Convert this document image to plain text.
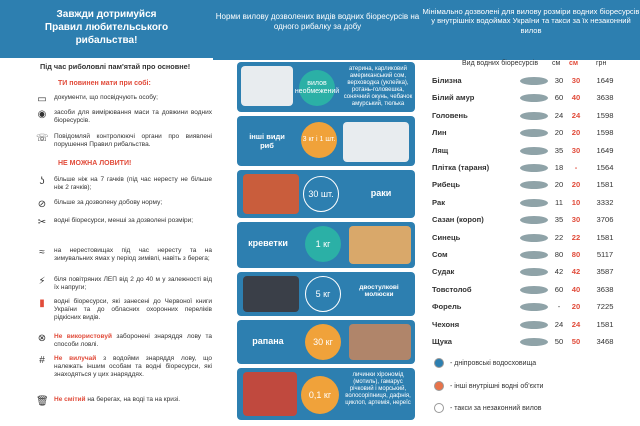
Завжди дотримуйся
Правил любительського
рибальства!
Під час риболовлі пам'ятай про основне!
ТИ повинен мати при собі:
▭ документи, що посвідчують особу;
◉ засоби для вимірювання маси та довжини водних біоресурсів.
☏ Повідомляй контролюючі органи про виявлені порушення Правил рибальства.
НЕ МОЖНА ЛОВИТИ!
ʖ	більше ніж на 7 гачків (під час нересту не більше ніж 2 гачків);
⊘ більше за дозволену добову норму;
✂ водні біоресурси, менші за дозволені розміри;
≈	на нерестовищах під час нересту та на зимувальних ямах у період зимівлі, навіть з берега;
⚡	біля повітряних ЛЕП від 2 до 40 м у залежності від їх напруги;
▮	водні біоресурси, які занесені до Червоної книги України та до обласних охоронних переліків рідкісних видів.
⊗ Не використовуй заборонені знаряддя лову та способи ловлі.
#	Не вилучай з водойми знаряддя лову, що належать іншим особам та водні біоресурси, які знаходяться у цих знаряддях.
🗑 Не смітий на берегах, на воді та на кризі.
Норми вилову дозволених видів водних біоресурсів на одного рибалку за добу
вилов необмежений
атерина, карликовий американський сом, верховодка (уклейка), ротань-головешка, сонячний окунь, чебачок амурський, тюлька
інші види риб
3 кг і 1 шт.
30 шт.	раки
креветки	1 кг
5 кг
двостулкові молюски
рапана	30 кг
0,1 кг
личинки хірономід (мотиль), гамарус річковий і морський, волосоріпниця, дафнія, циклоп, артемія, нереїс
Мінімально дозволені для вилову розміри водних біоресурсів у внутрішніх водоймах України та такси за їх незаконний вилов
Вид водних біоресурсів см см	грн
Білизна	30	30	1649
Білий амур	60	40	3638
Головень	24	24	1598
Лин	20	20	1598
Лящ	35	30	1649
Плітка (тараня)	18	-	1564
Рибець	20	20	1581
Рак	11	10	3332
Сазан (короп)	35	30	3706
Синець	22	22	1581
Сом	80	80	5117
Судак	42	42	3587
Товстолоб	60	40	3638
Форель	-	20	7225
Чехоня	24	24	1581
Щука	50	50	3468
- дніпровські водосховища
- інші внутрішні водні об'єкти
- такси за незаконний вилов
